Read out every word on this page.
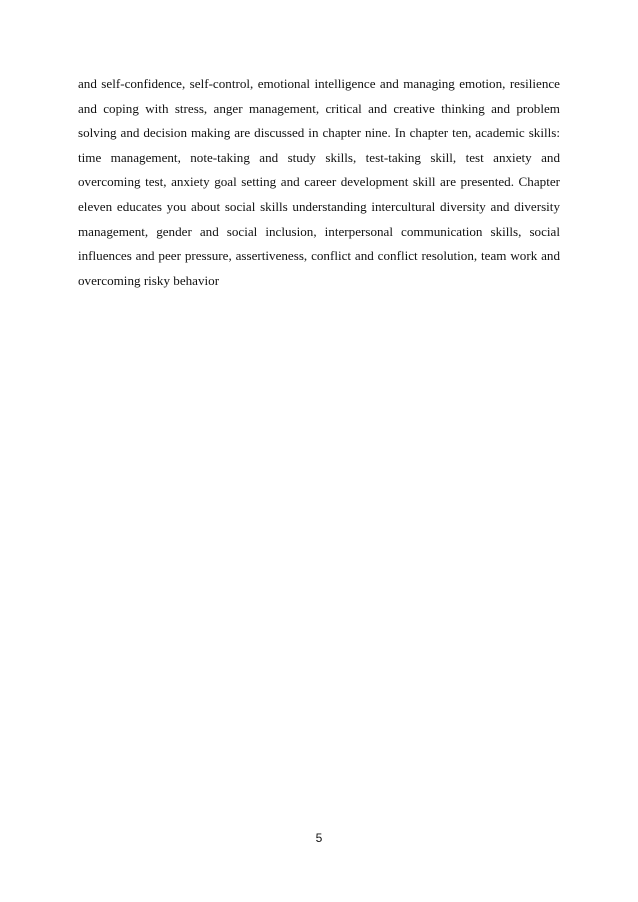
and self-confidence, self-control, emotional intelligence and managing emotion, resilience and coping with stress, anger management, critical and creative thinking and problem solving and decision making are discussed in chapter nine. In chapter ten, academic skills: time management, note-taking and study skills, test-taking skill, test anxiety and overcoming test, anxiety goal setting and career development skill are presented. Chapter eleven educates you about social skills understanding intercultural diversity and diversity management, gender and social inclusion, interpersonal communication skills, social influences and peer pressure, assertiveness, conflict and conflict resolution, team work and overcoming risky behavior

5
